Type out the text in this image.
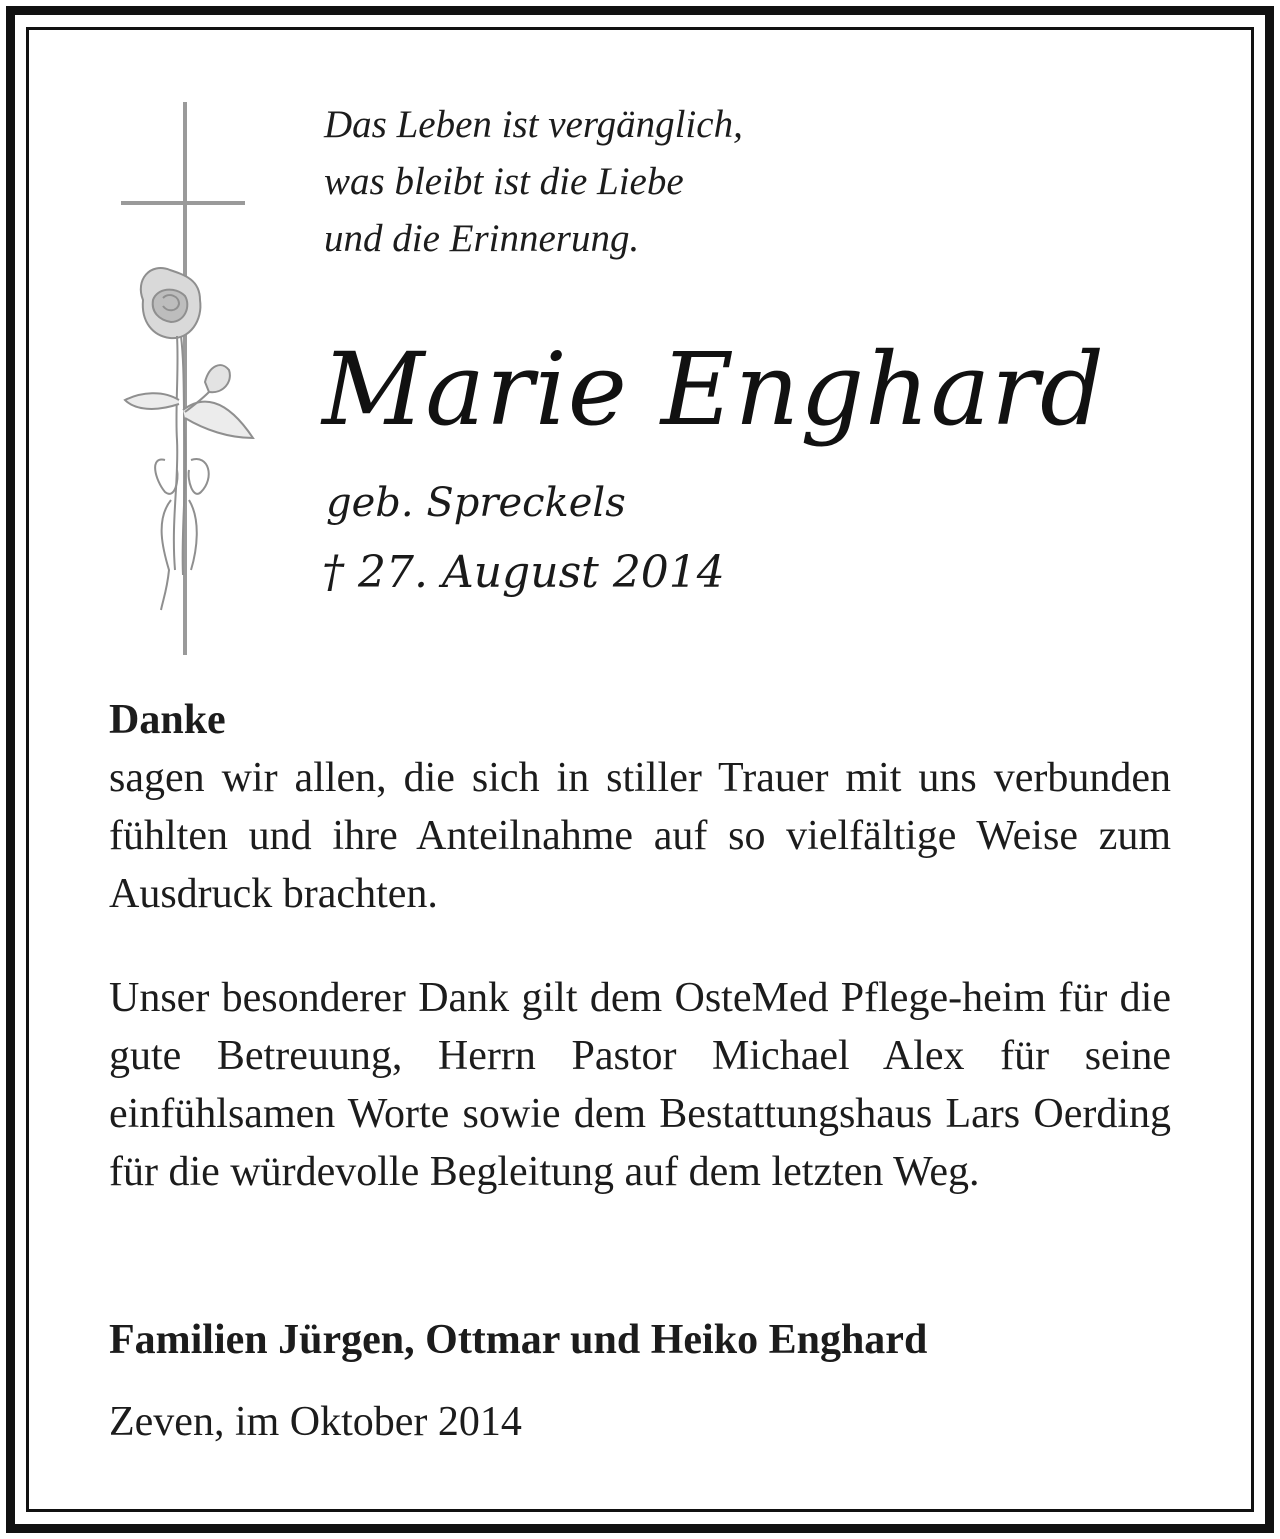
Das Leben ist vergänglich,
was bleibt ist die Liebe
und die Erinnerung.
Marie Enghard
geb. Spreckels
† 27. August 2014
Danke
sagen wir allen, die sich in stiller Trauer mit uns verbunden fühlten und ihre Anteilnahme auf so vielfältige Weise zum Ausdruck brachten.
Unser besonderer Dank gilt dem OsteMed Pflege-heim für die gute Betreuung, Herrn Pastor Michael Alex für seine einfühlsamen Worte sowie dem Bestattungshaus Lars Oerding für die würdevolle Begleitung auf dem letzten Weg.
Familien Jürgen, Ottmar und Heiko Enghard
Zeven, im Oktober 2014
